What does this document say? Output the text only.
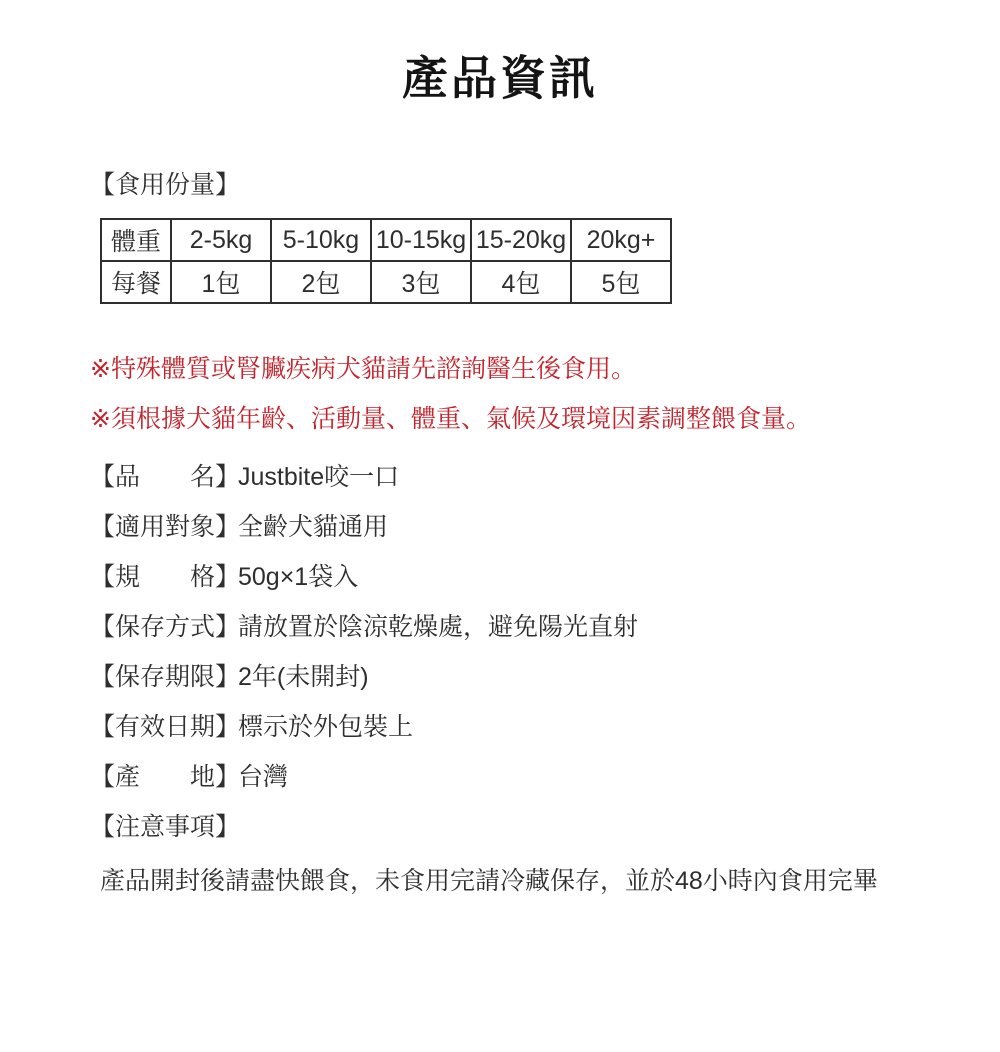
產品資訊
【食用份量】
體重	2-5kg	5-10kg	10-15kg	15-20kg	20kg+
每餐	1包	2包	3包	4包	5包
※特殊體質或腎臟疾病犬貓請先諮詢醫生後食用。
※須根據犬貓年齡、活動量、體重、氣候及環境因素調整餵食量。
【品　　名】
Justbite咬一口
【適用對象】
全齡犬貓通用
【規　　格】
50g×1袋入
【保存方式】
請放置於陰涼乾燥處，避免陽光直射
【保存期限】
2年(未開封)
【有效日期】
標示於外包裝上
【產　　地】
台灣
【注意事項】
產品開封後請盡快餵食，未食用完請冷藏保存，並於48小時內食用完畢
